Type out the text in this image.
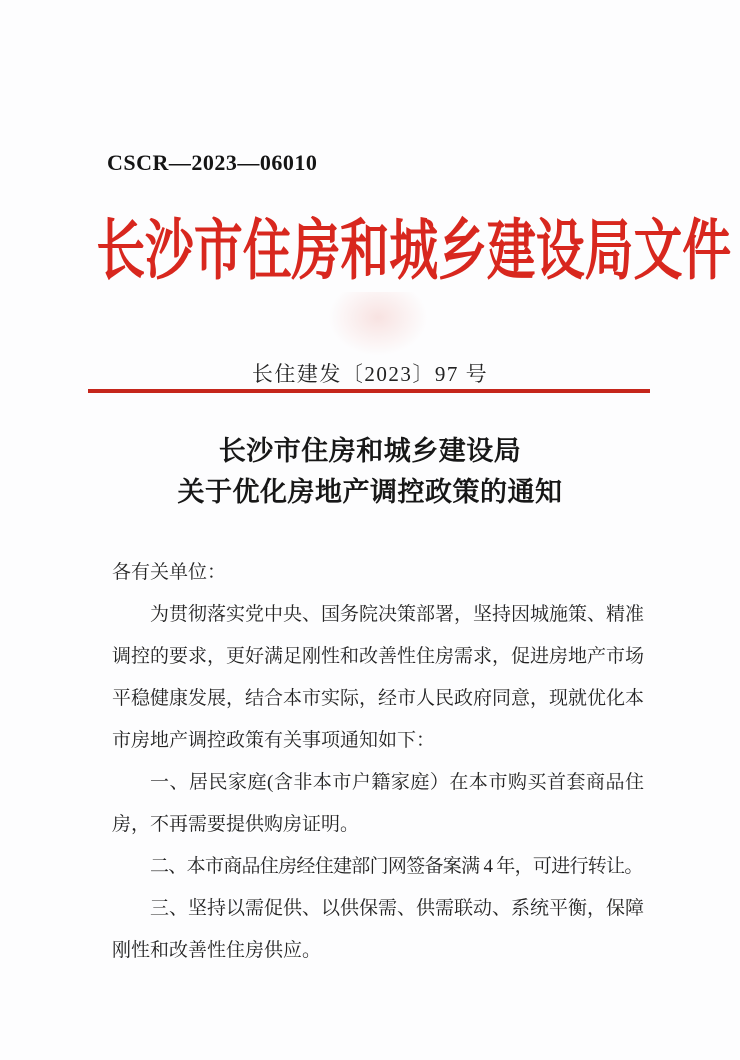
CSCR—2023—06010
长沙市住房和城乡建设局文件
长住建发〔2023〕97 号
长沙市住房和城乡建设局
关于优化房地产调控政策的通知

各有关单位：

为贯彻落实党中央、国务院决策部署，坚持因城施策、精准调控的要求，更好满足刚性和改善性住房需求，促进房地产市场平稳健康发展，结合本市实际，经市人民政府同意，现就优化本市房地产调控政策有关事项通知如下：

一、居民家庭(含非本市户籍家庭）在本市购买首套商品住房，不再需要提供购房证明。

二、本市商品住房经住建部门网签备案满 4 年，可进行转让。

三、坚持以需促供、以供保需、供需联动、系统平衡，保障刚性和改善性住房供应。
